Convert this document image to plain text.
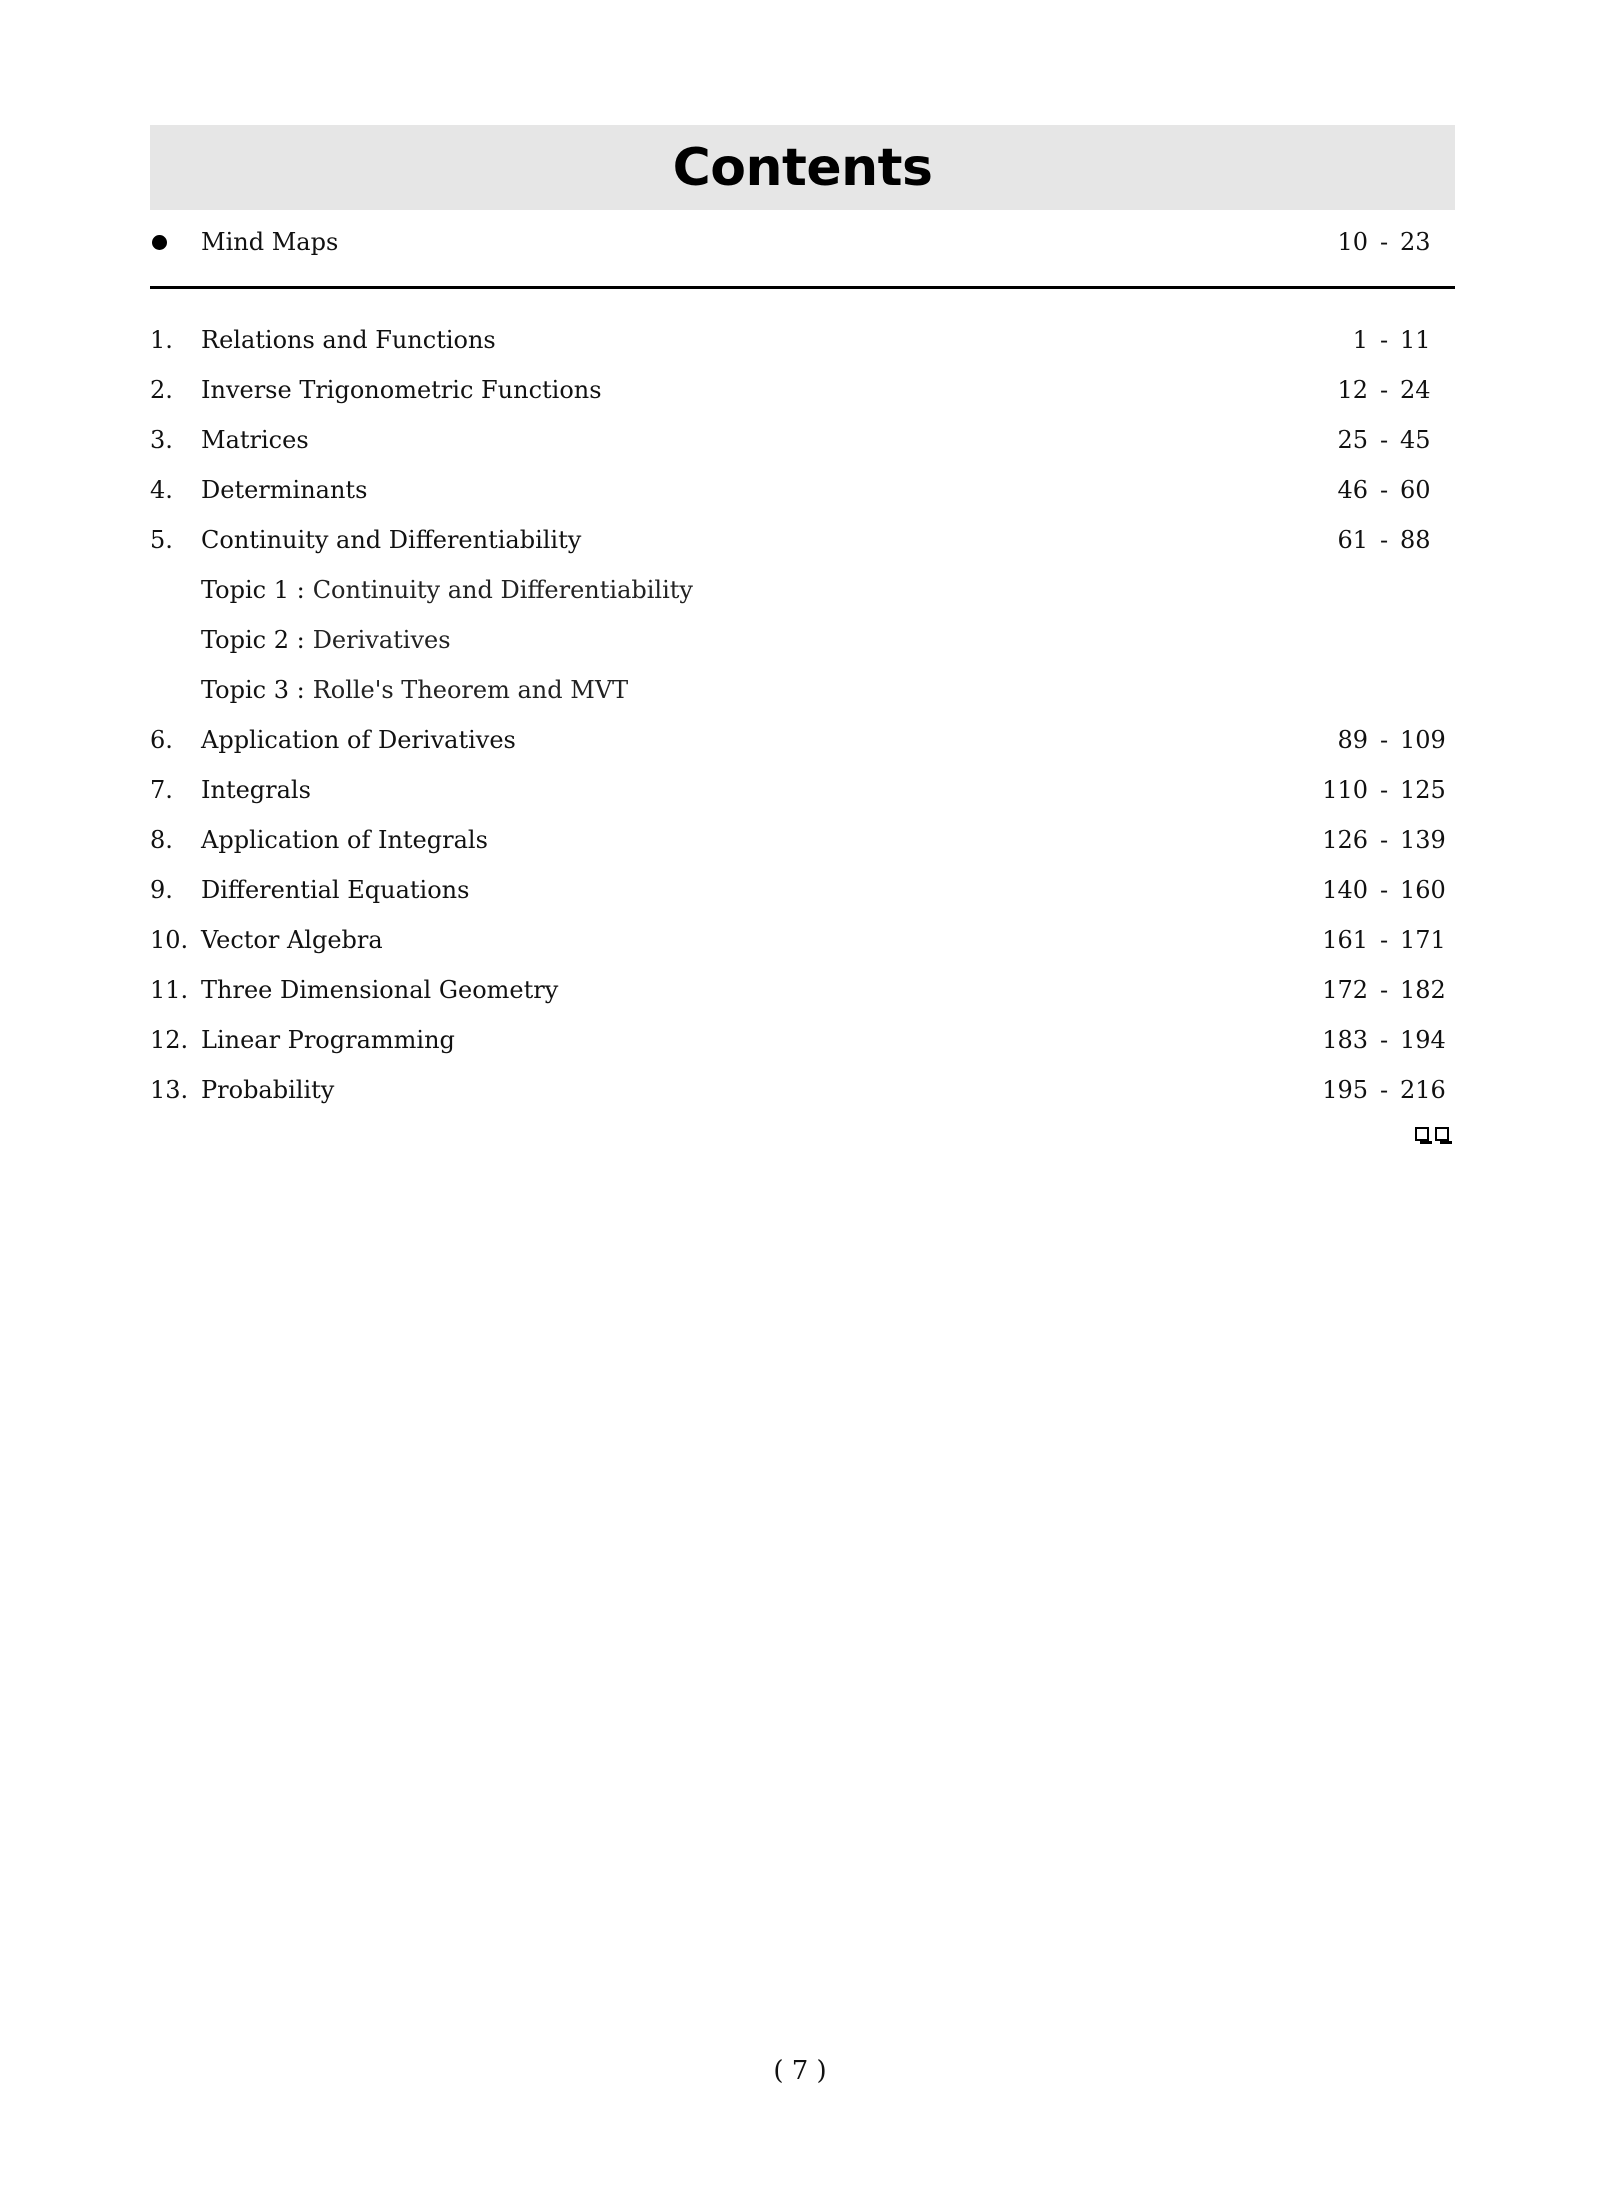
Contents
Mind Maps	10 - 23
1.	Relations and Functions	1 - 11
2.	Inverse Trigonometric Functions	12 - 24
3.	Matrices	25 - 45
4.	Determinants	46 - 60
5.	Continuity and Differentiability	61 - 88
Topic 1 : Continuity and Differentiability
Topic 2 : Derivatives
Topic 3 : Rolle's Theorem and MVT
6.	Application of Derivatives	89 - 109
7.	Integrals	110 - 125
8.	Application of Integrals	126 - 139
9.	Differential Equations	140 - 160
10. Vector Algebra	161 - 171
11. Three Dimensional Geometry	172 - 182
12. Linear Programming	183 - 194
13. Probability	195 - 216
( 7 )
